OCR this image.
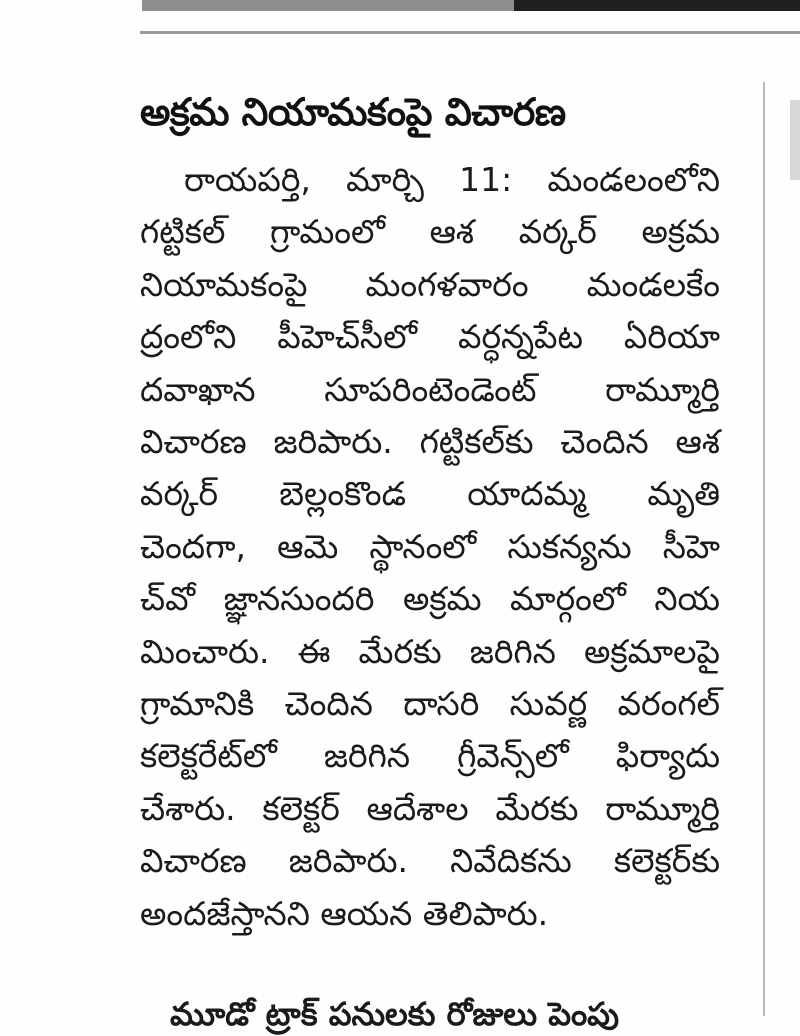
అక్రమ నియామకంపై విచారణ
రాయపర్తి, మార్చి 11: మండలంలోని
గట్టికల్ గ్రామంలో ఆశ వర్కర్ అక్రమ
నియామకంపై మంగళవారం మండలకేం
ద్రంలోని పీహెచ్‌సీలో వర్ధన్నపేట ఏరియా
దవాఖాన సూపరింటెండెంట్ రామ్మూర్తి
విచారణ జరిపారు. గట్టికల్‌కు చెందిన ఆశ
వర్కర్ బెల్లంకొండ యాదమ్మ మృతి
చెందగా, ఆమె స్థానంలో సుకన్యను సీహె
చ్‌వో జ్ఞానసుందరి అక్రమ మార్గంలో నియ
మించారు. ఈ మేరకు జరిగిన అక్రమాలపై
గ్రామానికి చెందిన దాసరి సువర్ణ వరంగల్
కలెక్టరేట్‌లో జరిగిన గ్రీవెన్స్‌లో ఫిర్యాదు
చేశారు. కలెక్టర్ ఆదేశాల మేరకు రామ్మూర్తి
విచారణ జరిపారు. నివేదికను కలెక్టర్‌కు
అందజేస్తానని ఆయన తెలిపారు.
మూడో ట్రాక్ పనులకు రోజులు పెంపు
